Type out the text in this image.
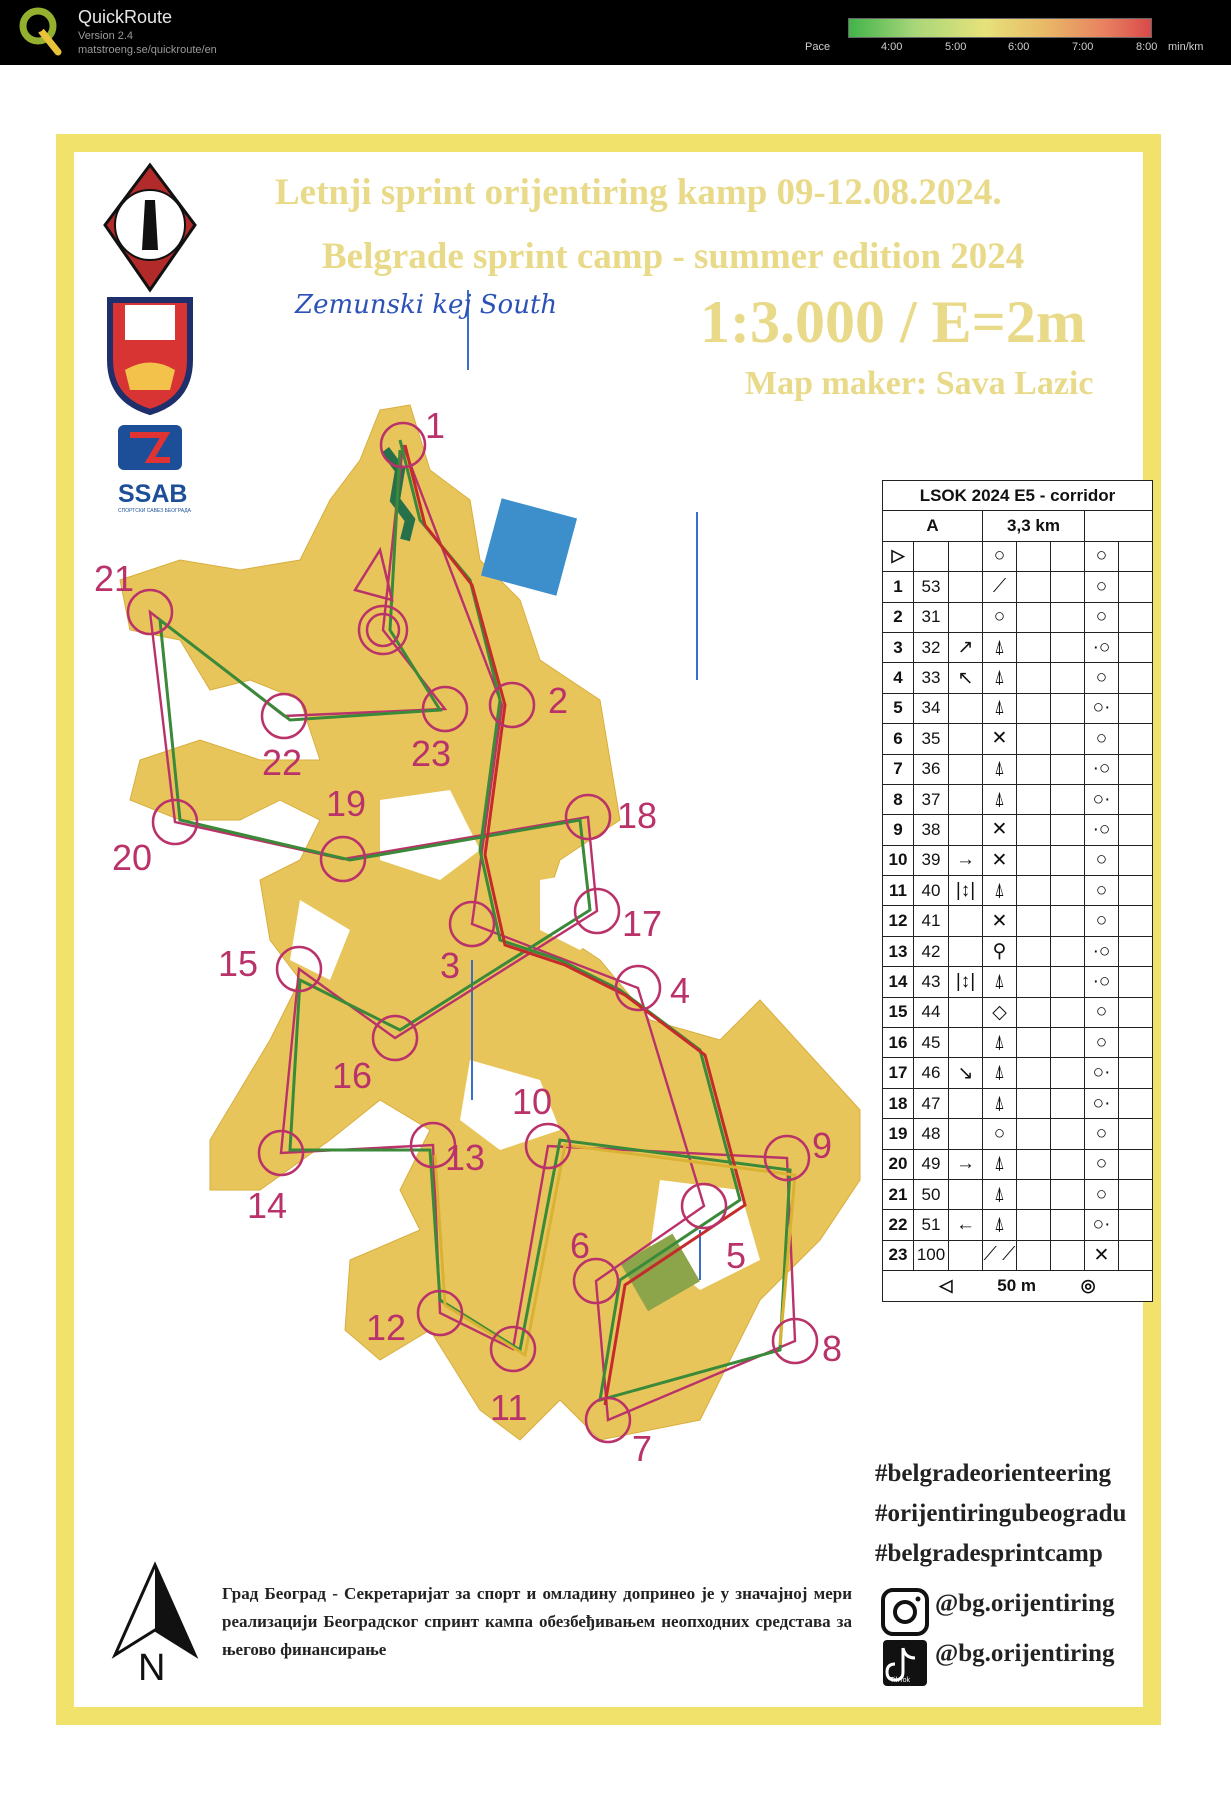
QuickRoute
Version 2.4
matstroeng.se/quickroute/en	Pace	4:00	5:00	6:00	7:00	8:00 min/km
Letnji sprint orijentiring kamp 09-12.08.2024.
Belgrade sprint camp - summer edition 2024
1:3.000 / E=2m
Map maker: Sava Lazic
Zemunski kej South
SSAB
СПОРТСКИ САВЕЗ БЕОГРАДА
N
1
2
3
4
5
6
7
8
9
10
11
12
13
14
15
16
17
18
19
20
21
22	23
LSOK 2024 E5 - corridor							
A			3,3 km				
▷			○			○	
1	53		⟋			○	
2	31		○			○	
3	32	↗	⍋			·○	
4	33	↖	⍋			○	
5	34		⍋			○·	
6	35		✕			○	
7	36		⍋			·○	
8	37		⍋			○·	
9	38		✕			·○	
10	39	→	✕			○	
11	40	|↕|	⍋			○	
12	41		✕			○	
13	42		⚲			·○	
14	43	|↕|	⍋			·○	
15	44		◇			○	
16	45		⍋			○	
17	46	↘	⍋			○·	
18	47		⍋			○·	
19	48		○			○	
20	49	→	⍋			○	
21	50		⍋			○	
22	51	←	⍋			○·	
23	100		⟋ ⟋			✕	
◁ 50 m ◎							
#belgradeorienteering
#orijentiringubeogradu
#belgradesprintcamp
@bg.orijentiring
@bg.orijentiring
TikTok
Град Београд - Секретаријат за спорт и омладину допринео је у значајној мери реализацији Београдског спринт кампа обезбеђивањем неопходних средстава за његово финансирање
